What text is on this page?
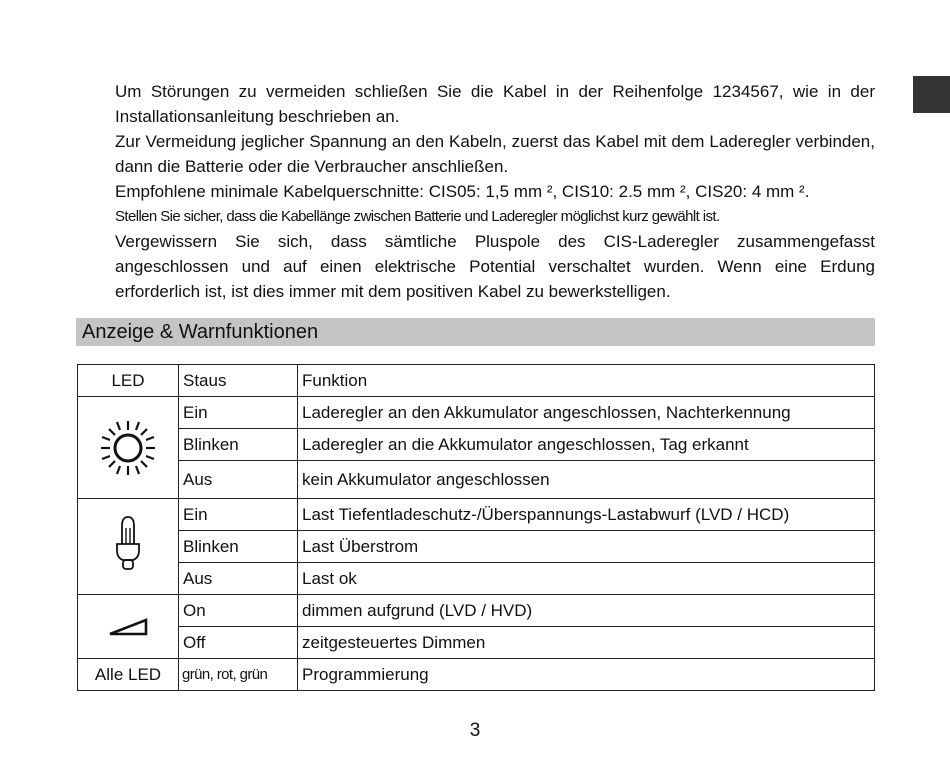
Um Störungen zu vermeiden schließen Sie die Kabel in der Reihenfolge 1234567, wie in der Installationsanleitung beschrieben an.

Zur Vermeidung jeglicher Spannung an den Kabeln, zuerst das Kabel mit dem Laderegler verbinden, dann die Batterie oder die Verbraucher anschließen.

Empfohlene minimale Kabelquerschnitte: CIS05: 1,5 mm ², CIS10: 2.5 mm ², CIS20: 4 mm ².

Stellen Sie sicher, dass die Kabellänge zwischen Batterie und Laderegler möglichst kurz gewählt ist.

Vergewissern Sie sich, dass sämtliche Pluspole des CIS-Laderegler zusammengefasst angeschlossen und auf einen elektrische Potential verschaltet wurden. Wenn eine Erdung erforderlich ist, ist dies immer mit dem positiven Kabel zu bewerkstelligen.

Anzeige & Warnfunktionen
LED	Staus	Funktion

	Ein	Laderegler an den Akkumulator angeschlossen, Nachterkennung
	Blinken	Laderegler an die Akkumulator angeschlossen, Tag erkannt
	Aus	kein Akkumulator angeschlossen

	Ein	Last Tiefentladeschutz-/Überspannungs-Lastabwurf (LVD / HCD)
	Blinken	Last Überstrom
	Aus	Last ok

	On	dimmen aufgrund (LVD / HVD)
	Off	zeitgesteuertes Dimmen
Alle LED	grün, rot, grün	Programmierung
3
